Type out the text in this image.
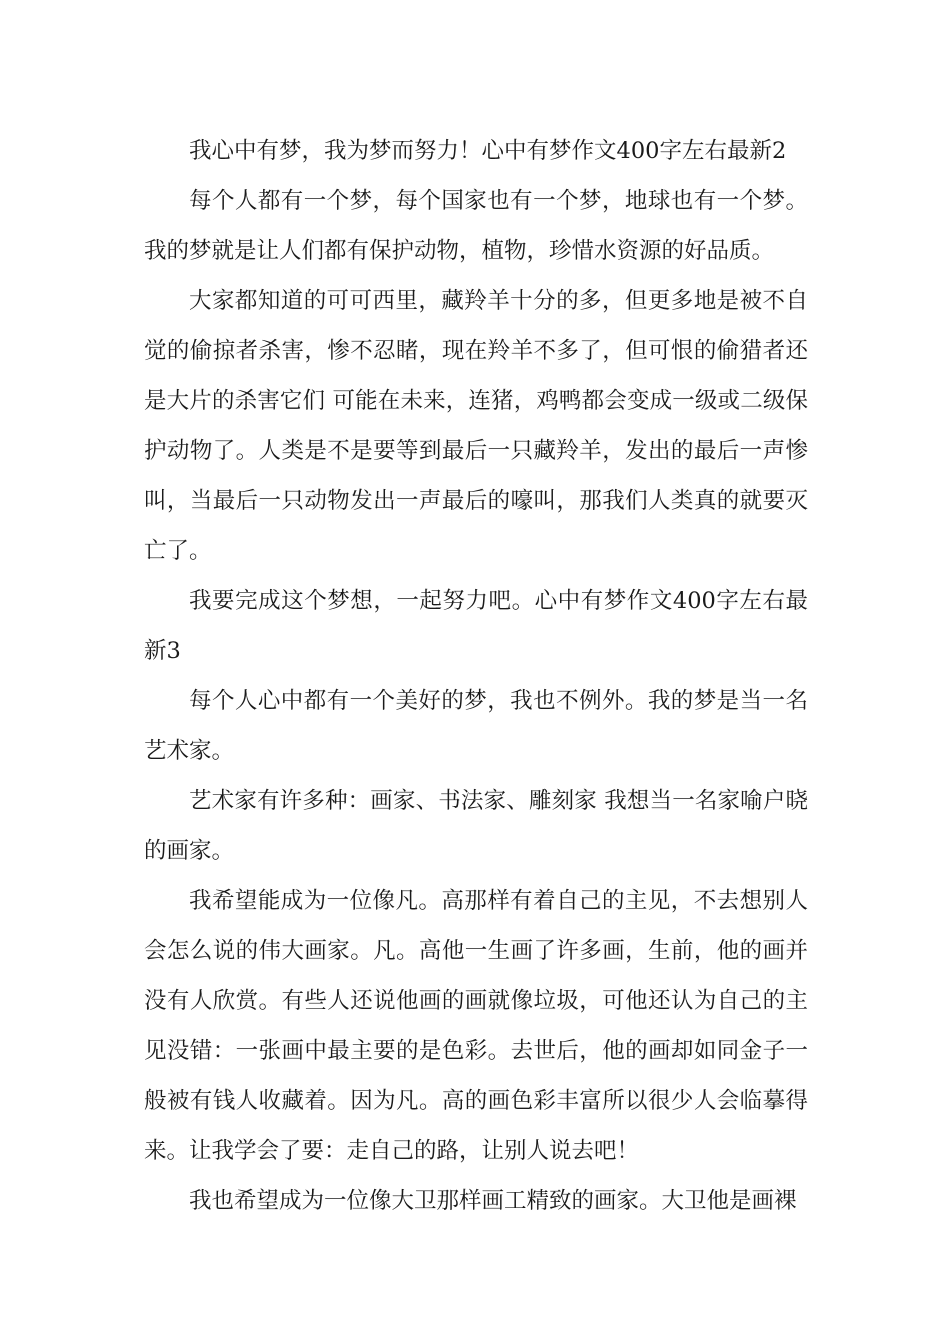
我心中有梦，我为梦而努力！心中有梦作文400字左右最新2

每个人都有一个梦，每个国家也有一个梦，地球也有一个梦。我的梦就是让人们都有保护动物，植物，珍惜水资源的好品质。

大家都知道的可可西里，藏羚羊十分的多，但更多地是被不自觉的偷掠者杀害，惨不忍睹，现在羚羊不多了，但可恨的偷猎者还是大片的杀害它们 可能在未来，连猪，鸡鸭都会变成一级或二级保护动物了。人类是不是要等到最后一只藏羚羊，发出的最后一声惨叫，当最后一只动物发出一声最后的嚎叫，那我们人类真的就要灭亡了。

我要完成这个梦想，一起努力吧。心中有梦作文400字左右最新3

每个人心中都有一个美好的梦，我也不例外。我的梦是当一名艺术家。

艺术家有许多种：画家、书法家、雕刻家 我想当一名家喻户晓的画家。

我希望能成为一位像凡。高那样有着自己的主见，不去想别人会怎么说的伟大画家。凡。高他一生画了许多画，生前，他的画并没有人欣赏。有些人还说他画的画就像垃圾，可他还认为自己的主见没错：一张画中最主要的是色彩。去世后，他的画却如同金子一般被有钱人收藏着。因为凡。高的画色彩丰富所以很少人会临摹得来。让我学会了要：走自己的路，让别人说去吧！

我也希望成为一位像大卫那样画工精致的画家。大卫他是画裸
